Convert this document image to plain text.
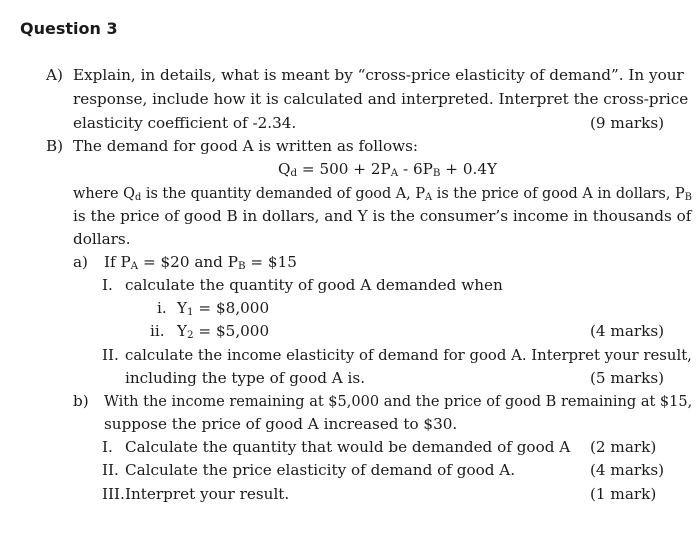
Question 3
A) Explain, in details, what is meant by “cross-price elasticity of demand”. In your
response, include how it is calculated and interpreted. Interpret the cross-price
elasticity coefficient of -2.34.	(9 marks)
B) The demand for good A is written as follows:
Qd = 500 + 2PA - 6PB + 0.4Y
where Qd is the quantity demanded of good A, PA is the price of good A in dollars, PB
is the price of good B in dollars, and Y is the consumer’s income in thousands of
dollars.
a) If PA = $20 and PB = $15
I. calculate the quantity of good A demanded when
i. Y1 = $8,000
ii. Y2 = $5,000	(4 marks)
II. calculate the income elasticity of demand for good A. Interpret your result,
including the type of good A is.	(5 marks)
b) With the income remaining at $5,000 and the price of good B remaining at $15,
suppose the price of good A increased to $30.
I. Calculate the quantity that would be demanded of good A (2 mark)
II. Calculate the price elasticity of demand of good A.	(4 marks)
III. Interpret your result.	(1 mark)
